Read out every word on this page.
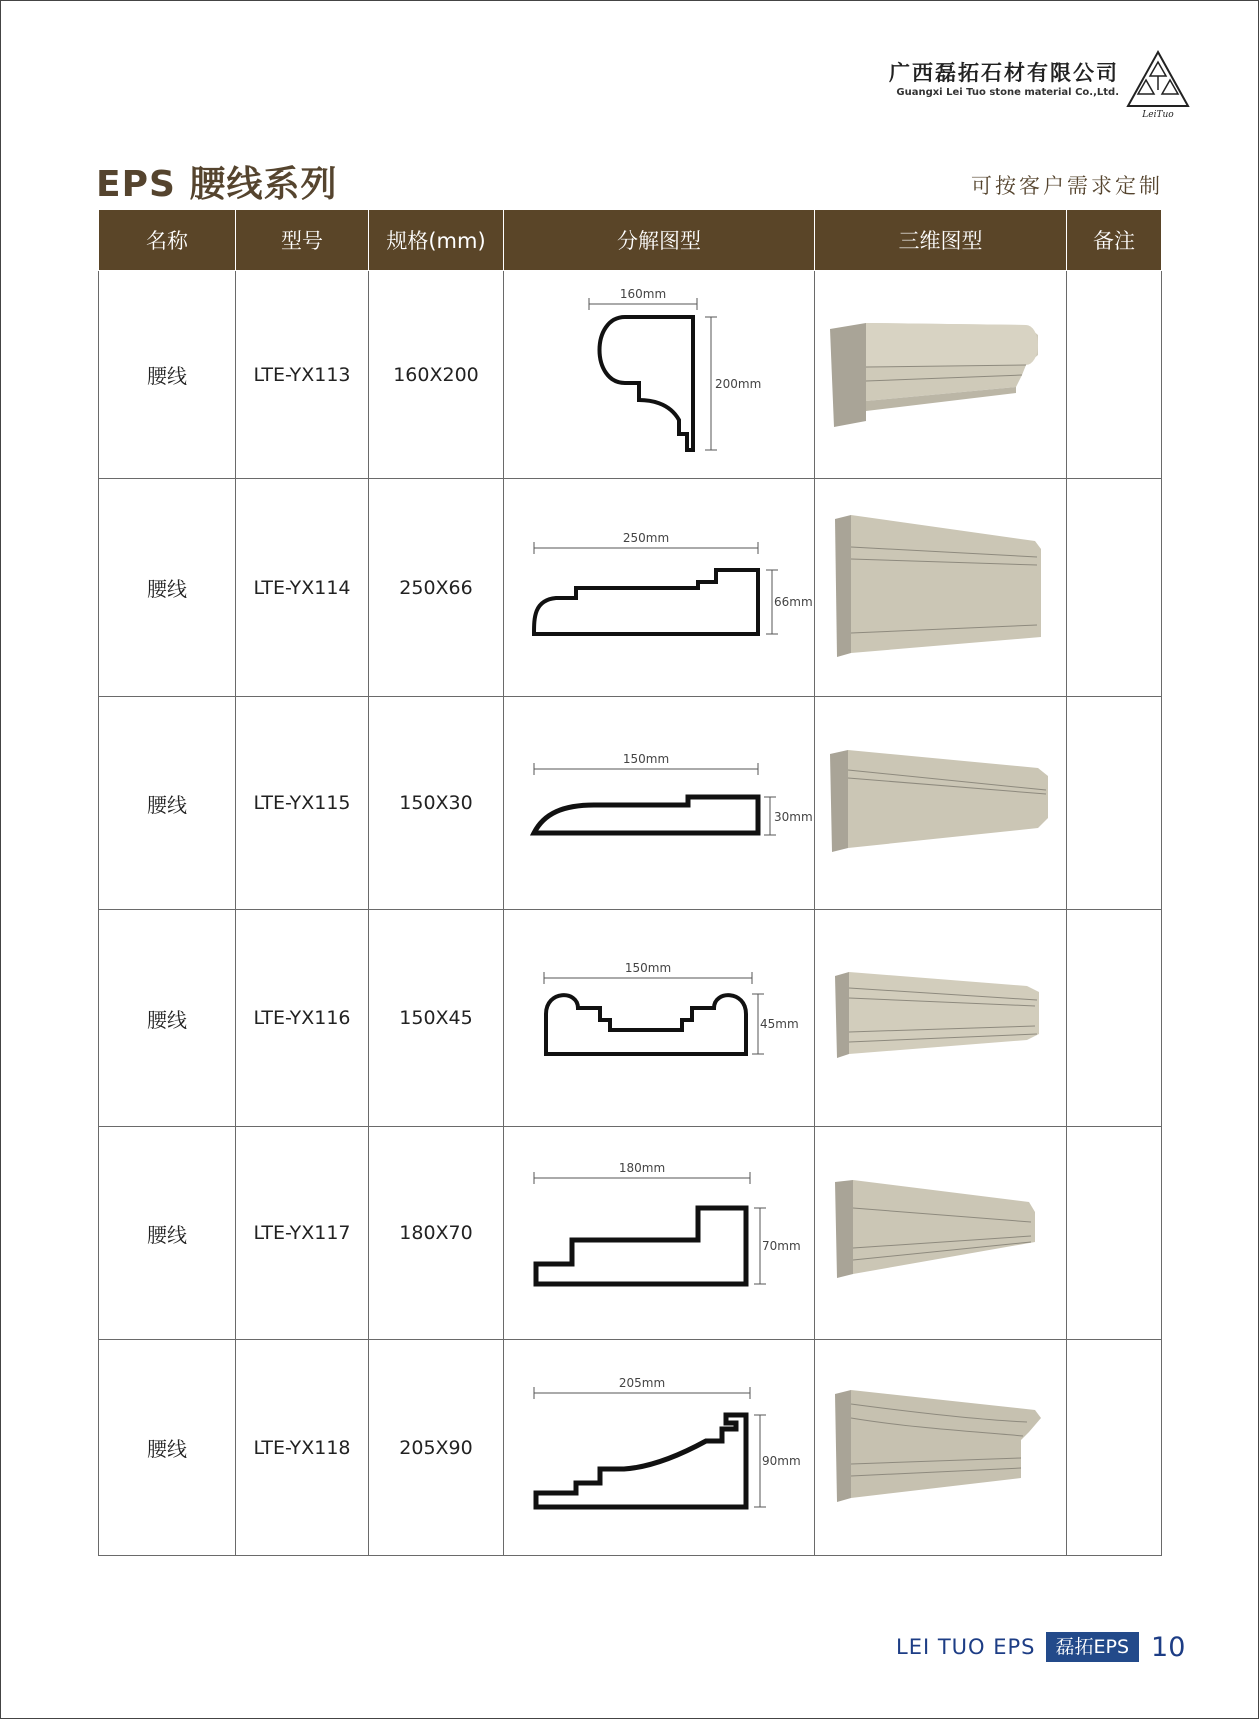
广西磊拓石材有限公司
Guangxi Lei Tuo stone material Co.,Ltd.
LeiTuo
EPS 腰线系列	可按客户需求定制
名称	型号	规格(mm)	分解图型	三维图型	备注
腰线	LTE-YX113	160X200	160mm
200mm

腰线	LTE-YX114	250X66	250mm
66mm

腰线	LTE-YX115	150X30	150mm
30mm

腰线	LTE-YX116	150X45	150mm
45mm

腰线	LTE-YX117	180X70	180mm
70mm

腰线	LTE-YX118	205X90	205mm
90mm

LEI TUO EPS	磊拓EPS 10
